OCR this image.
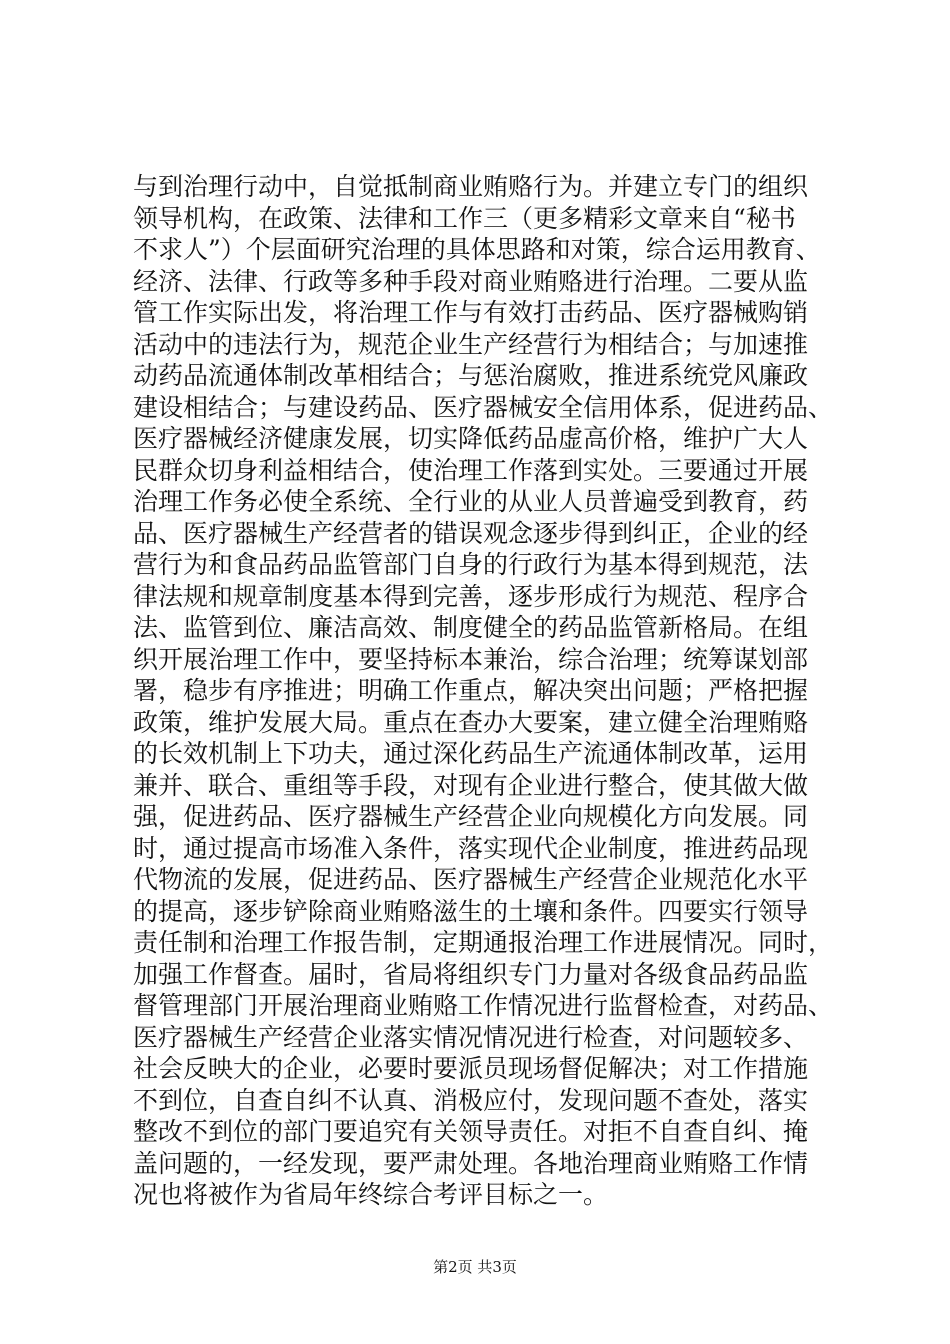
与到治理行动中，自觉抵制商业贿赂行为。并建立专门的组织
领导机构，在政策、法律和工作三（更多精彩文章来自“秘书
不求人”）个层面研究治理的具体思路和对策，综合运用教育、
经济、法律、行政等多种手段对商业贿赂进行治理。二要从监
管工作实际出发，将治理工作与有效打击药品、医疗器械购销
活动中的违法行为，规范企业生产经营行为相结合；与加速推
动药品流通体制改革相结合；与惩治腐败，推进系统党风廉政
建设相结合；与建设药品、医疗器械安全信用体系，促进药品、
医疗器械经济健康发展，切实降低药品虚高价格，维护广大人
民群众切身利益相结合，使治理工作落到实处。三要通过开展
治理工作务必使全系统、全行业的从业人员普遍受到教育，药
品、医疗器械生产经营者的错误观念逐步得到纠正，企业的经
营行为和食品药品监管部门自身的行政行为基本得到规范，法
律法规和规章制度基本得到完善，逐步形成行为规范、程序合
法、监管到位、廉洁高效、制度健全的药品监管新格局。在组
织开展治理工作中，要坚持标本兼治，综合治理；统筹谋划部
署，稳步有序推进；明确工作重点，解决突出问题；严格把握
政策，维护发展大局。重点在查办大要案，建立健全治理贿赂
的长效机制上下功夫，通过深化药品生产流通体制改革，运用
兼并、联合、重组等手段，对现有企业进行整合，使其做大做
强，促进药品、医疗器械生产经营企业向规模化方向发展。同
时，通过提高市场准入条件，落实现代企业制度，推进药品现
代物流的发展，促进药品、医疗器械生产经营企业规范化水平
的提高，逐步铲除商业贿赂滋生的土壤和条件。四要实行领导
责任制和治理工作报告制，定期通报治理工作进展情况。同时，
加强工作督查。届时，省局将组织专门力量对各级食品药品监
督管理部门开展治理商业贿赂工作情况进行监督检查，对药品、
医疗器械生产经营企业落实情况情况进行检查，对问题较多、
社会反映大的企业，必要时要派员现场督促解决；对工作措施
不到位，自查自纠不认真、消极应付，发现问题不查处，落实
整改不到位的部门要追究有关领导责任。对拒不自查自纠、掩
盖问题的，一经发现，要严肃处理。各地治理商业贿赂工作情
况也将被作为省局年终综合考评目标之一。
第2页 共3页
